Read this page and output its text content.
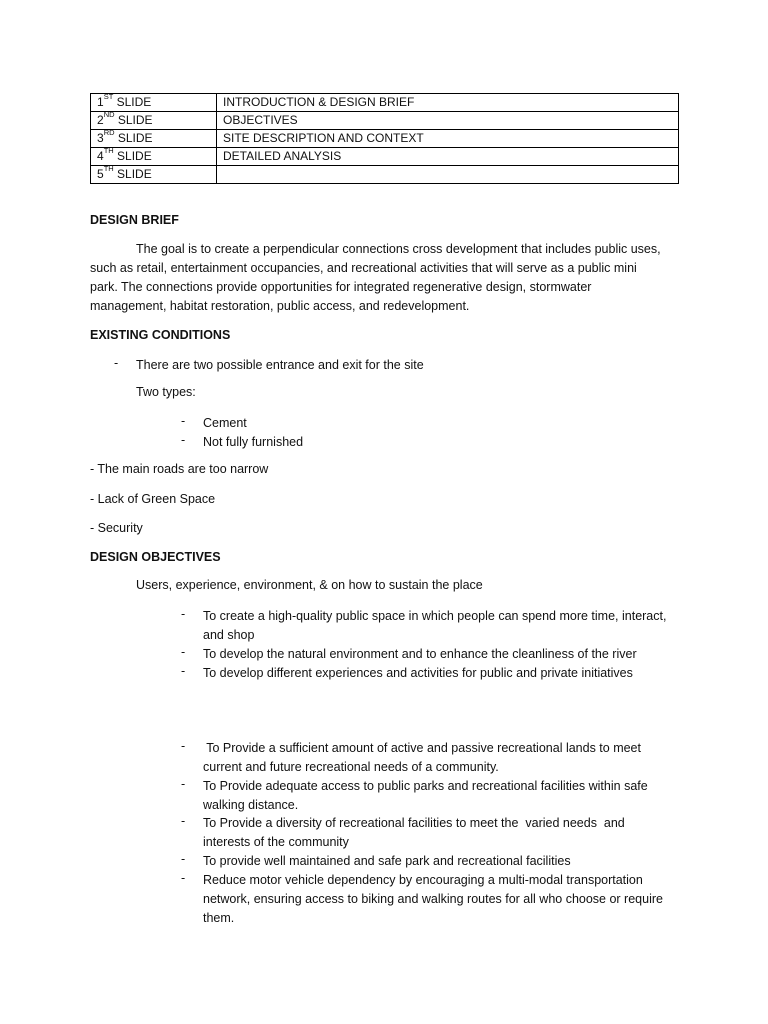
1ST SLIDE	INTRODUCTION & DESIGN BRIEF
2ND SLIDE	OBJECTIVES
3RD SLIDE	SITE DESCRIPTION AND CONTEXT
4TH SLIDE	DETAILED ANALYSIS
5TH SLIDE	
DESIGN BRIEF
The goal is to create a perpendicular connections cross development that includes public uses,
such as retail, entertainment occupancies, and recreational activities that will serve as a public mini
park. The connections provide opportunities for integrated regenerative design, stormwater
management, habitat restoration, public access, and redevelopment.
EXISTING CONDITIONS
- There are two possible entrance and exit for the site
Two types:
- Cement
- Not fully furnished
- The main roads are too narrow
- Lack of Green Space
- Security
DESIGN OBJECTIVES
Users, experience, environment, & on how to sustain the place
- To create a high-quality public space in which people can spend more time, interact,
and shop
- To develop the natural environment and to enhance the cleanliness of the river
- To develop different experiences and activities for public and private initiatives
- To Provide a sufficient amount of active and passive recreational lands to meet
current and future recreational needs of a community.
- To Provide adequate access to public parks and recreational facilities within safe
walking distance.
- To Provide a diversity of recreational facilities to meet the  varied needs  and
interests of the community
- To provide well maintained and safe park and recreational facilities
- Reduce motor vehicle dependency by encouraging a multi-modal transportation
network, ensuring access to biking and walking routes for all who choose or require
them.
